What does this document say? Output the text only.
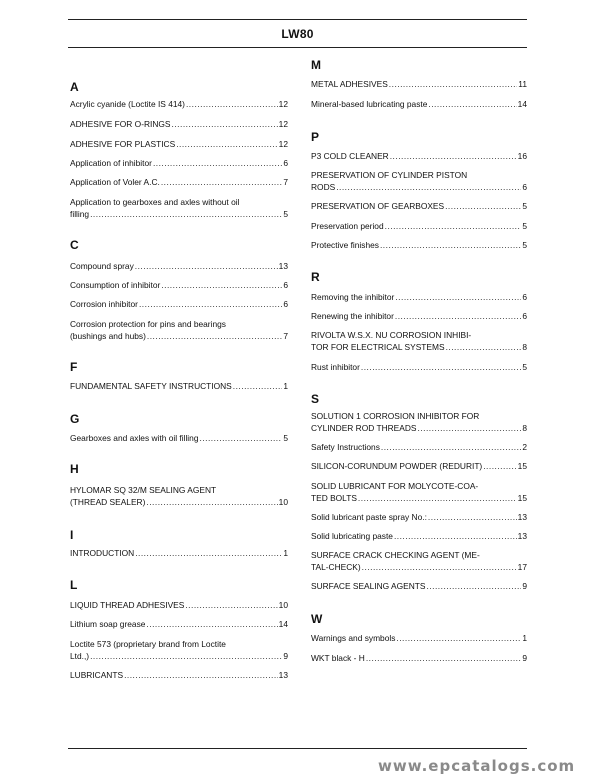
LW80
A
Acrylic cyanide (Loctite IS 414) .....	12
ADHESIVE FOR O-RINGS .....	12
ADHESIVE FOR PLASTICS .....	12
Application of inhibitor .....	6
Application of Voler A.C. .....	7
Application to gearboxes and axles without oil
filling .....	5
C
Compound spray .....	13
Consumption of inhibitor .....	6
Corrosion inhibitor .....	6
Corrosion protection for pins and bearings
(bushings and hubs) .....	7
F
FUNDAMENTAL SAFETY INSTRUCTIONS .....	1
G
Gearboxes and axles with oil filling .....	5
H
HYLOMAR SQ 32/M SEALING AGENT
(THREAD SEALER) .....	10
I
INTRODUCTION .....	1
L
LIQUID THREAD ADHESIVES .....	10
Lithium soap grease .....	14
Loctite 573 (proprietary brand from Loctite
Ltd.,) .....	9
LUBRICANTS .....	13
M
METAL ADHESIVES .....	11
Mineral-based lubricating paste .....	14
P
P3 COLD CLEANER .....	16
PRESERVATION OF CYLINDER PISTON
RODS .....	6
PRESERVATION OF GEARBOXES .....	5
Preservation period .....	5
Protective finishes .....	5
R
Removing the inhibitor .....	6
Renewing the inhibitor .....	6
RIVOLTA W.S.X. NU CORROSION INHIBI-
TOR FOR ELECTRICAL SYSTEMS .....	8
Rust inhibitor .....	5
S
SOLUTION 1 CORROSION INHIBITOR FOR
CYLINDER ROD THREADS .....	8
Safety Instructions .....	2
SILICON-CORUNDUM POWDER (REDURIT) .....	15
SOLID LUBRICANT FOR MOLYCOTE-COA-
TED BOLTS .....	15
Solid lubricant paste spray No.: .....	13
Solid lubricating paste .....	13
SURFACE CRACK CHECKING AGENT (ME-
TAL-CHECK) .....	17
SURFACE SEALING AGENTS .....	9
W
Warnings and symbols .....	1
WKT black - H .....	9
www.epcatalogs.com
